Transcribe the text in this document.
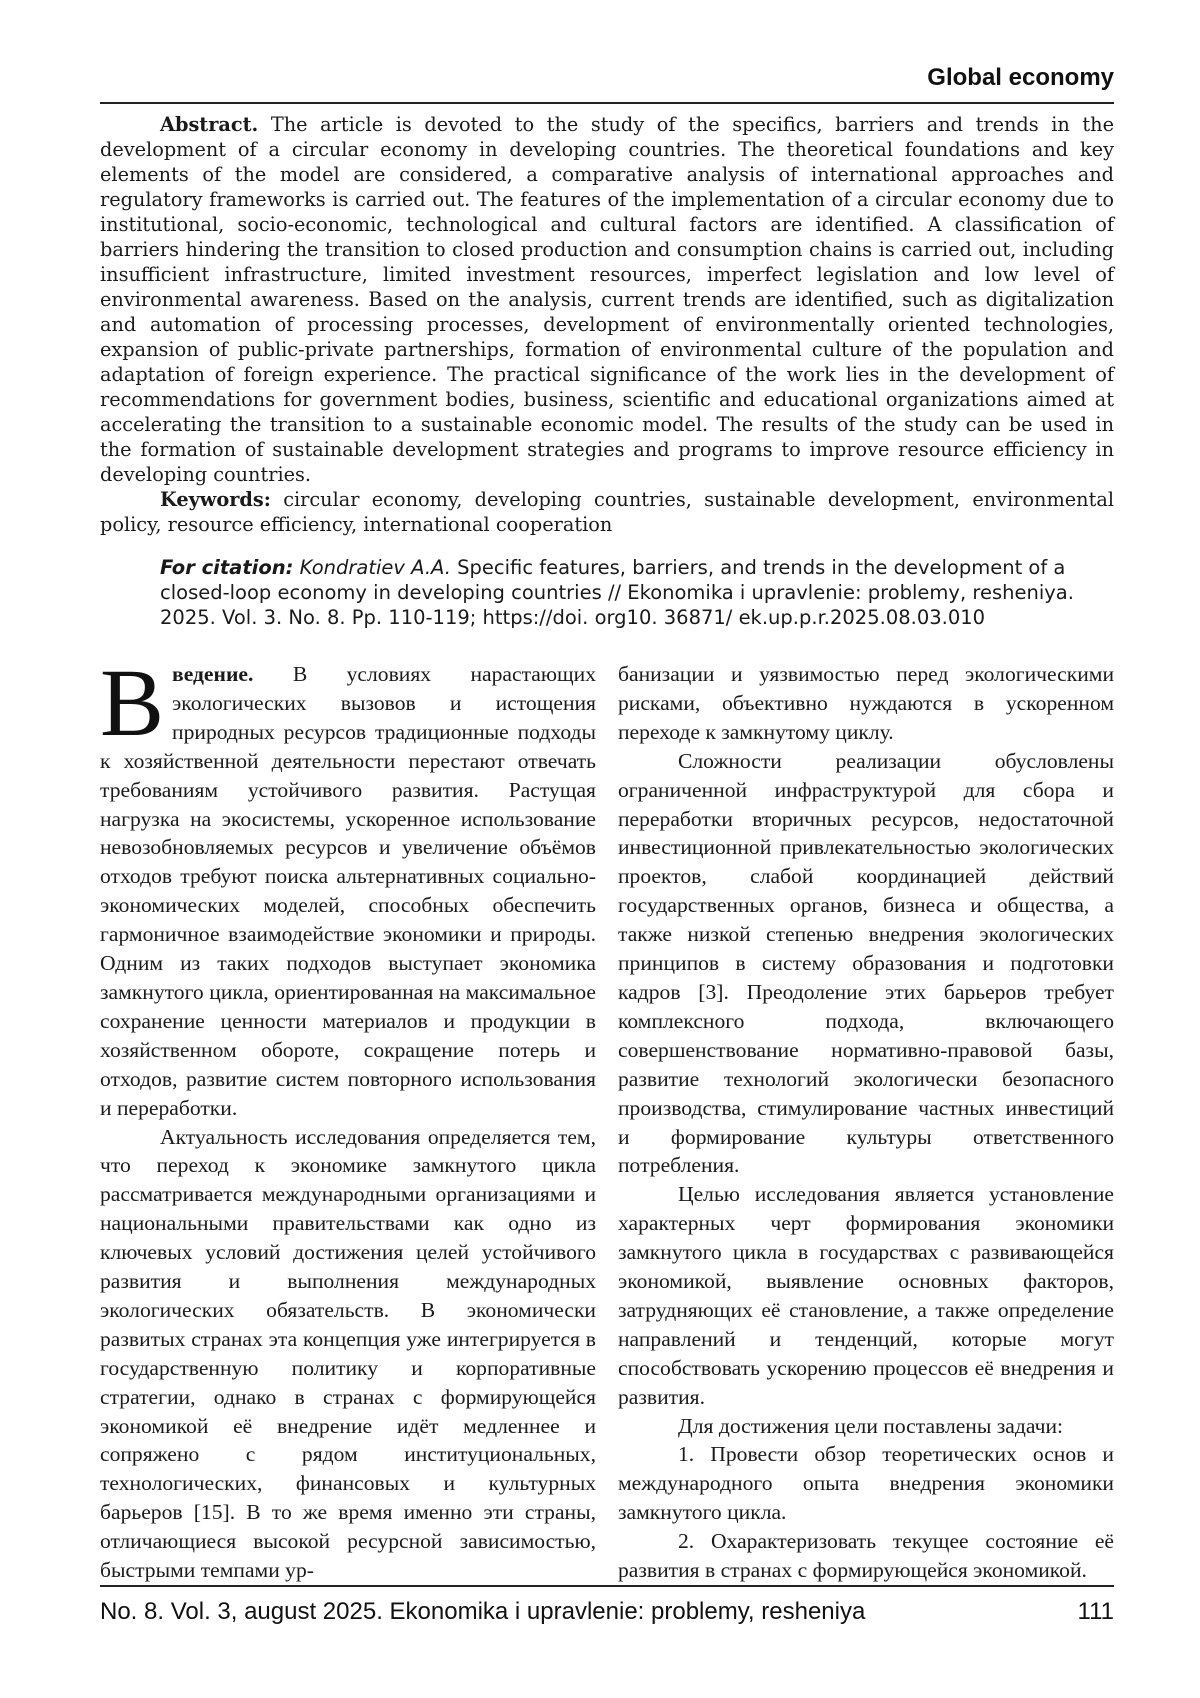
Global economy

Abstract. The article is devoted to the study of the specifics, barriers and trends in the development of a circular economy in developing countries. The theoretical foundations and key elements of the model are considered, a comparative analysis of international approaches and regulatory frameworks is carried out. The features of the implementation of a circular economy due to institutional, socio-economic, technological and cultural factors are identified. A classification of barriers hindering the transition to closed production and consumption chains is carried out, including insufficient infrastructure, limited investment resources, imperfect legislation and low level of environmental awareness. Based on the analysis, current trends are identified, such as digitalization and automation of processing processes, development of environmentally oriented technologies, expansion of public-private partnerships, formation of environmental culture of the population and adaptation of foreign experience. The practical significance of the work lies in the development of recommendations for government bodies, business, scientific and educational organizations aimed at accelerating the transition to a sustainable economic model. The results of the study can be used in the formation of sustainable development strategies and programs to improve resource efficiency in developing countries.

Keywords: circular economy, developing countries, sustainable development, environmental policy, resource efficiency, international cooperation

For citation: Kondratiev A.A. Specific features, barriers, and trends in the development of a closed-loop economy in developing countries // Ekonomika i upravlenie: problemy, resheniya. 2025. Vol. 3. No. 8. Pp. 110-119; https://doi. org10. 36871/ ek.up.p.r.2025.08.03.010

Введение. В условиях нарастающих экологических вызовов и истощения природных ресурсов традиционные подходы к хозяйственной деятельности перестают отвечать требованиям устойчивого развития. Растущая нагрузка на экосистемы, ускоренное использование невозобновляемых ресурсов и увеличение объёмов отходов требуют поиска альтернативных социально-экономических моделей, способных обеспечить гармоничное взаимодействие экономики и природы. Одним из таких подходов выступает экономика замкнутого цикла, ориентированная на максимальное сохранение ценности материалов и продукции в хозяйственном обороте, сокращение потерь и отходов, развитие систем повторного использования и переработки.

Актуальность исследования определяется тем, что переход к экономике замкнутого цикла рассматривается международными организациями и национальными правительствами как одно из ключевых условий достижения целей устойчивого развития и выполнения международных экологических обязательств. В экономически развитых странах эта концепция уже интегрируется в государственную политику и корпоративные стратегии, однако в странах с формирующейся экономикой её внедрение идёт медленнее и сопряжено с рядом институциональных, технологических, финансовых и культурных барьеров [15]. В то же время именно эти страны, отличающиеся высокой ресурсной зависимостью, быстрыми темпами ур-

банизации и уязвимостью перед экологическими рисками, объективно нуждаются в ускоренном переходе к замкнутому циклу.

Сложности реализации обусловлены ограниченной инфраструктурой для сбора и переработки вторичных ресурсов, недостаточной инвестиционной привлекательностью экологических проектов, слабой координацией действий государственных органов, бизнеса и общества, а также низкой степенью внедрения экологических принципов в систему образования и подготовки кадров [3]. Преодоление этих барьеров требует комплексного подхода, включающего совершенствование нормативно-правовой базы, развитие технологий экологически безопасного производства, стимулирование частных инвестиций и формирование культуры ответственного потребления.

Целью исследования является установление характерных черт формирования экономики замкнутого цикла в государствах с развивающейся экономикой, выявление основных факторов, затрудняющих её становление, а также определение направлений и тенденций, которые могут способствовать ускорению процессов её внедрения и развития.

Для достижения цели поставлены задачи:

1. Провести обзор теоретических основ и международного опыта внедрения экономики замкнутого цикла.

2. Охарактеризовать текущее состояние её развития в странах с формирующейся экономикой.

No. 8. Vol. 3, august 2025. Ekonomika i upravlenie: problemy, resheniya	111
